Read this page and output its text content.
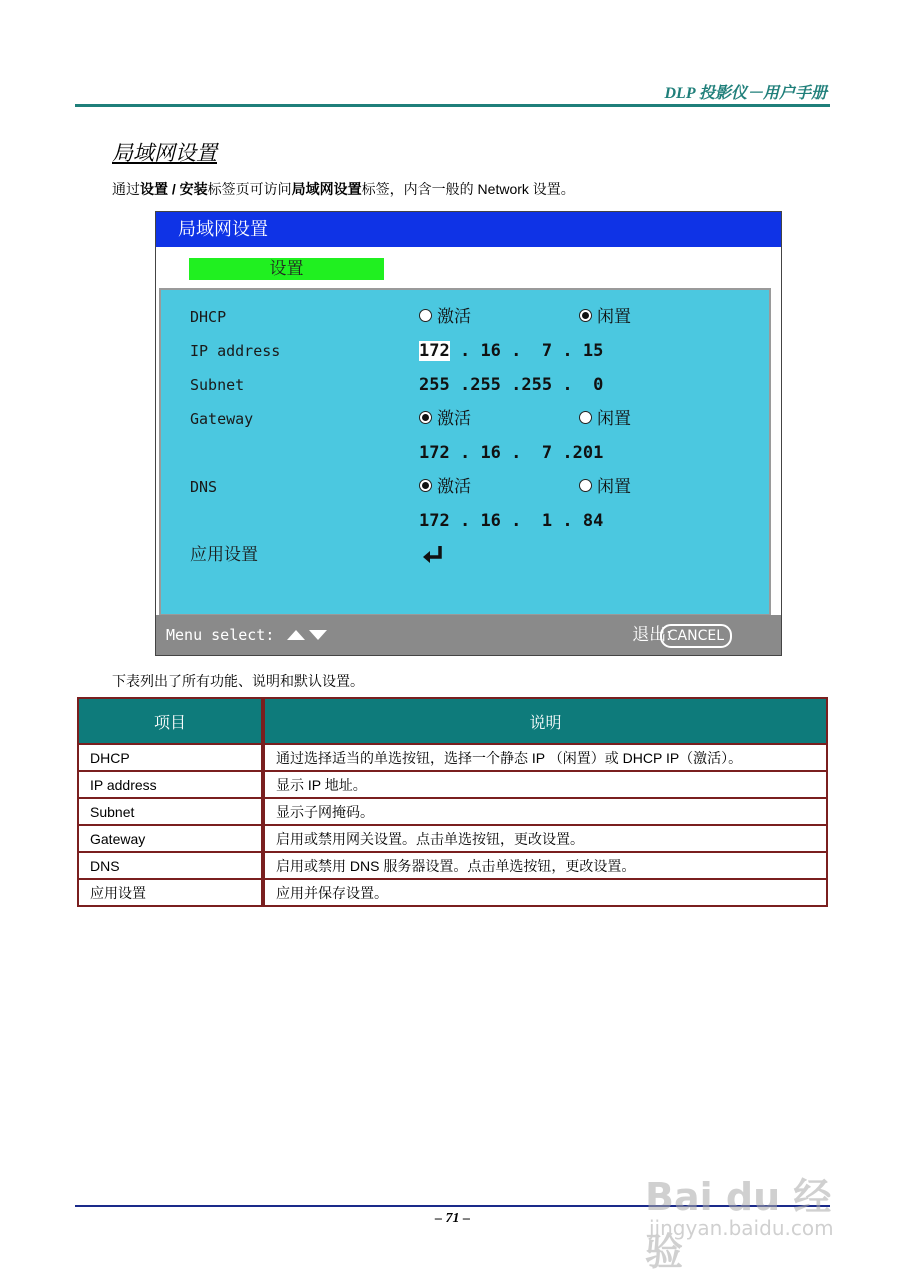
DLP 投影仪－用户手册
局域网设置
通过设置 / 安装标签页可访问局域网设置标签，内含一般的 Network 设置。
局域网设置
设置
DHCP	激活	闲置
IP address	172 . 16 .  7 . 15
Subnet	255 .255 .255 .  0
Gateway	激活	闲置
172 . 16 .  7 .201
DNS	激活	闲置
172 . 16 .  1 . 84
应用设置
Menu select:	退出:
CANCEL
下表列出了所有功能、说明和默认设置。
项目	说明
DHCP	通过选择适当的单选按钮，选择一个静态 IP （闲置）或 DHCP IP（激活）。
IP address	显示 IP 地址。
Subnet	显示子网掩码。
Gateway	启用或禁用网关设置。点击单选按钮，更改设置。
DNS	启用或禁用 DNS 服务器设置。点击单选按钮，更改设置。
应用设置	应用并保存设置。
– 71 –	Bai du 经验
jingyan.baidu.com
